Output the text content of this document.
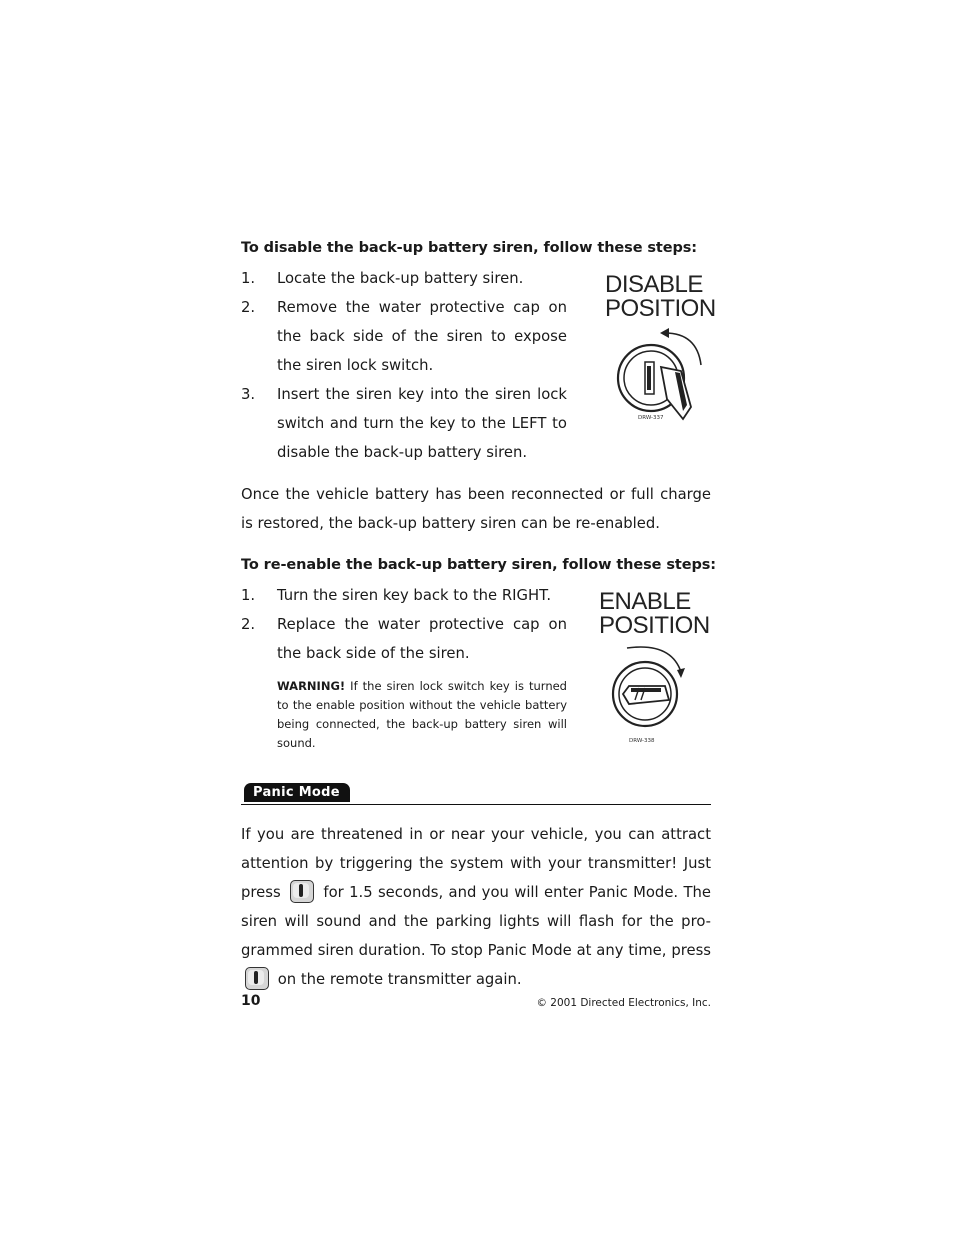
To disable the back-up battery siren, follow these steps:
1. Locate the back-up battery siren.
2. Remove the water protective cap on the back side of the siren to expose the siren lock switch.
3. Insert the siren key into the siren lock switch and turn the key to the LEFT to disable the back-up battery siren.
DISABLE
POSITION
DRW-337
Once the vehicle battery has been reconnected or full charge is restored, the back-up battery siren can be re-enabled.
To re-enable the back-up battery siren, follow these steps:
1. Turn the siren key back to the RIGHT.
2. Replace the water protective cap on the back side of the siren.
WARNING! If the siren lock switch key is turned to the enable position without the vehicle battery being connected, the back-up battery siren will sound.
ENABLE
POSITION
DRW-338
Panic Mode
If you are threatened in or near your vehicle, you can attract attention by triggering the system with your transmitter! Just press	for 1.5 seconds, and you will enter Panic Mode. The siren will sound and the parking lights will flash for the pro-grammed siren duration. To stop Panic Mode at any time, press  on the remote transmitter again.
10	© 2001 Directed Electronics, Inc.
